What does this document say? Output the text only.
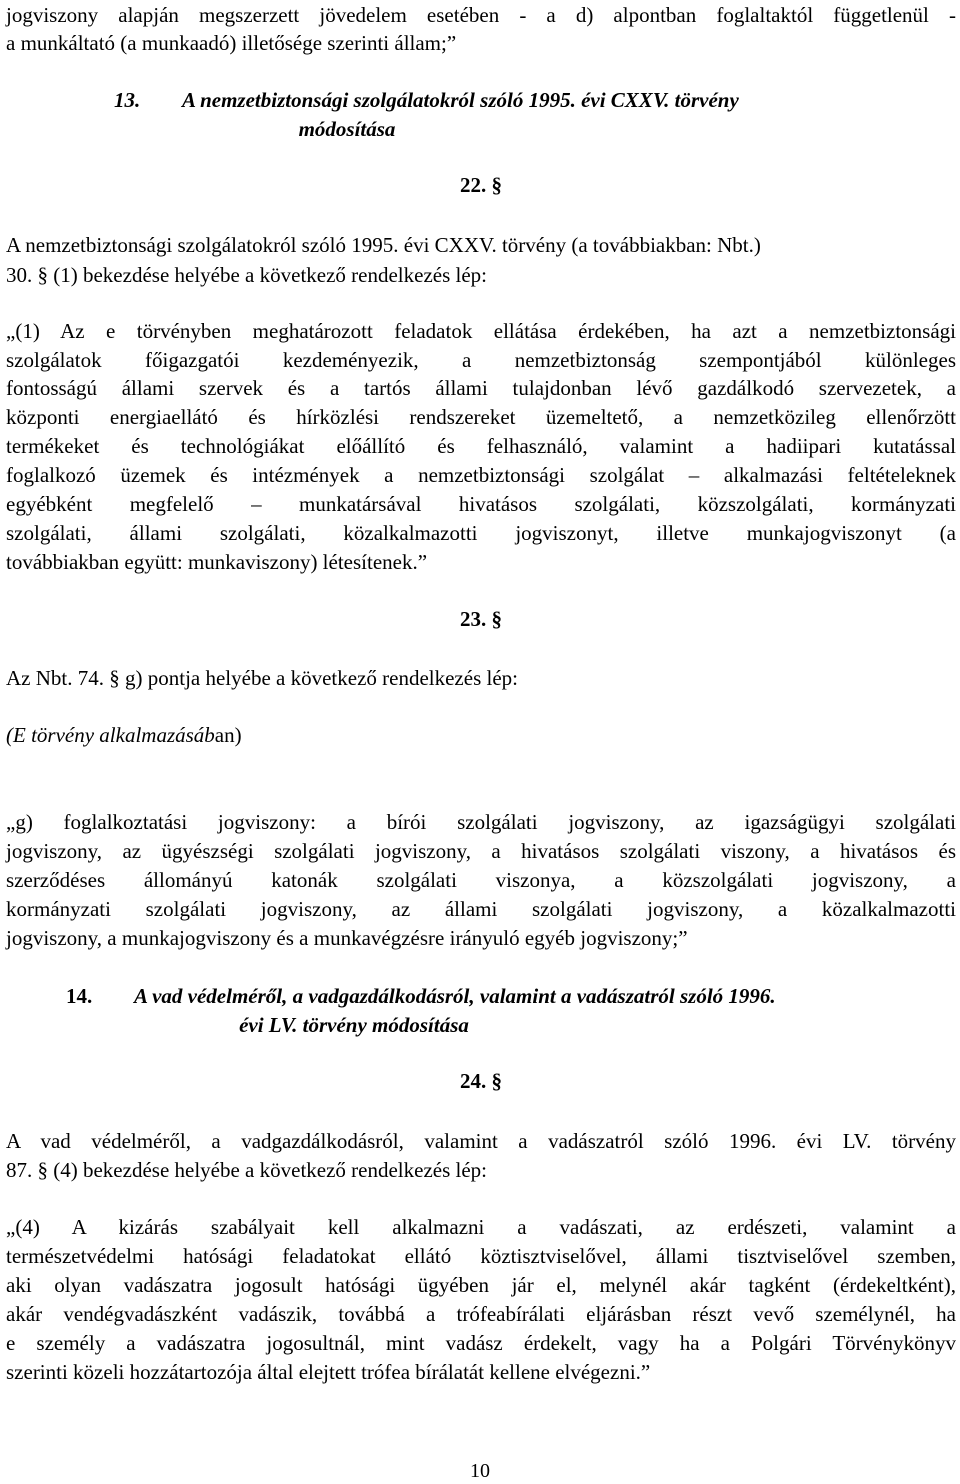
jogviszony alapján megszerzett jövedelem esetében - a d) alpontban foglaltaktól függetlenül -
a munkáltató (a munkaadó) illetősége szerinti állam;”
13. A nemzetbiztonsági szolgálatokról szóló 1995. évi CXXV. törvény
módosítása
22. §
A nemzetbiztonsági szolgálatokról szóló 1995. évi CXXV. törvény (a továbbiakban: Nbt.)
30. § (1) bekezdése helyébe a következő rendelkezés lép:
„(1) Az e törvényben meghatározott feladatok ellátása érdekében, ha azt a nemzetbiztonsági
szolgálatok főigazgatói kezdeményezik, a nemzetbiztonság szempontjából különleges
fontosságú állami szervek és a tartós állami tulajdonban lévő gazdálkodó szervezetek, a
központi energiaellátó és hírközlési rendszereket üzemeltető, a nemzetközileg ellenőrzött
termékeket és technológiákat előállító és felhasználó, valamint a hadiipari kutatással
foglalkozó üzemek és intézmények a nemzetbiztonsági szolgálat – alkalmazási feltételeknek
egyébként megfelelő – munkatársával hivatásos szolgálati, közszolgálati, kormányzati
szolgálati, állami szolgálati, közalkalmazotti jogviszonyt, illetve munkajogviszonyt (a
továbbiakban együtt: munkaviszony) létesítenek.”
23. §
Az Nbt. 74. § g) pontja helyébe a következő rendelkezés lép:
(E törvény alkalmazásában)
„g) foglalkoztatási jogviszony: a bírói szolgálati jogviszony, az igazságügyi szolgálati
jogviszony, az ügyészségi szolgálati jogviszony, a hivatásos szolgálati viszony, a hivatásos és
szerződéses állományú katonák szolgálati viszonya, a közszolgálati jogviszony, a
kormányzati szolgálati jogviszony, az állami szolgálati jogviszony, a közalkalmazotti
jogviszony, a munkajogviszony és a munkavégzésre irányuló egyéb jogviszony;”
14. A vad védelméről, a vadgazdálkodásról, valamint a vadászatról szóló 1996.
évi LV. törvény módosítása
24. §
A vad védelméről, a vadgazdálkodásról, valamint a vadászatról szóló 1996. évi LV. törvény
87. § (4) bekezdése helyébe a következő rendelkezés lép:
„(4) A kizárás szabályait kell alkalmazni a vadászati, az erdészeti, valamint a
természetvédelmi hatósági feladatokat ellátó köztisztviselővel, állami tisztviselővel szemben,
aki olyan vadászatra jogosult hatósági ügyében jár el, melynél akár tagként (érdekeltként),
akár vendégvadászként vadászik, továbbá a trófeabírálati eljárásban részt vevő személynél, ha
e személy a vadászatra jogosultnál, mint vadász érdekelt, vagy ha a Polgári Törvénykönyv
szerinti közeli hozzátartozója által elejtett trófea bírálatát kellene elvégezni.”
10
